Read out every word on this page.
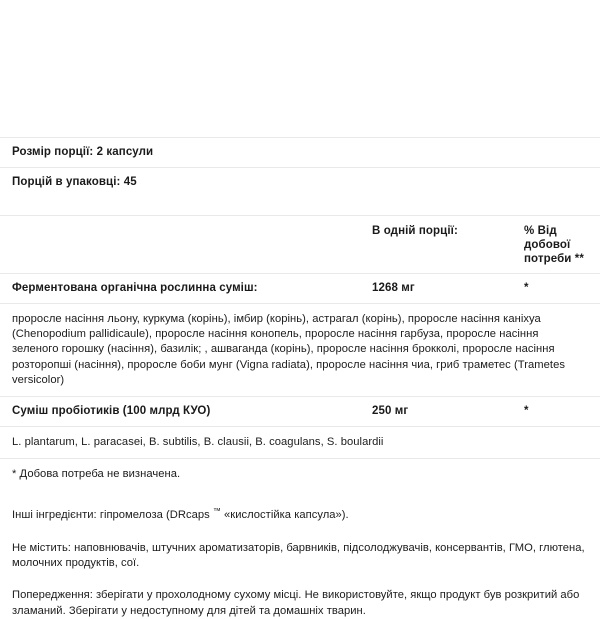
Розмір порції: 2 капсули
Порцій в упаковці: 45
В одній порції:	% Від добової
потреби **
Ферментована органічна рослинна суміш:	1268 мг	*
пророслe насіння льону, куркума (корінь), імбир (корінь), астрагал (корінь), пророслe насіння каніхуа (Chenopodium pallidicaule), пророслe насіння конопель, пророслe насіння гарбуза, пророслe насіння зеленого горошку (насіння), базилік; , ашваганда (корінь), пророслe насіння брокколі, пророслe насіння розторопші (насіння), пророслe боби мунг (Vigna radiata), пророслe насіння чиа, гриб траметес (Trametes versicolor)
Суміш пробіотиків (100 млрд КУО)	250 мг	*
L. plantarum, L. paracasei, B. subtilis, B. clausii, B. coagulans, S. boulardii
* Добова потреба не визначена.

Інші інгредієнти: гіпромелоза (DRcaps ™ «кислостійка капсула»).

Не містить: наповнювачів, штучних ароматизаторів, барвників, підсолоджувачів, консервантів, ГМО, глютена, молочних продуктів, сої.

Попередження: зберігати у прохолодному сухому місці. Не використовуйте, якщо продукт був розкритий або зламаний. Зберігати у недоступному для дітей та домашніх тварин.
